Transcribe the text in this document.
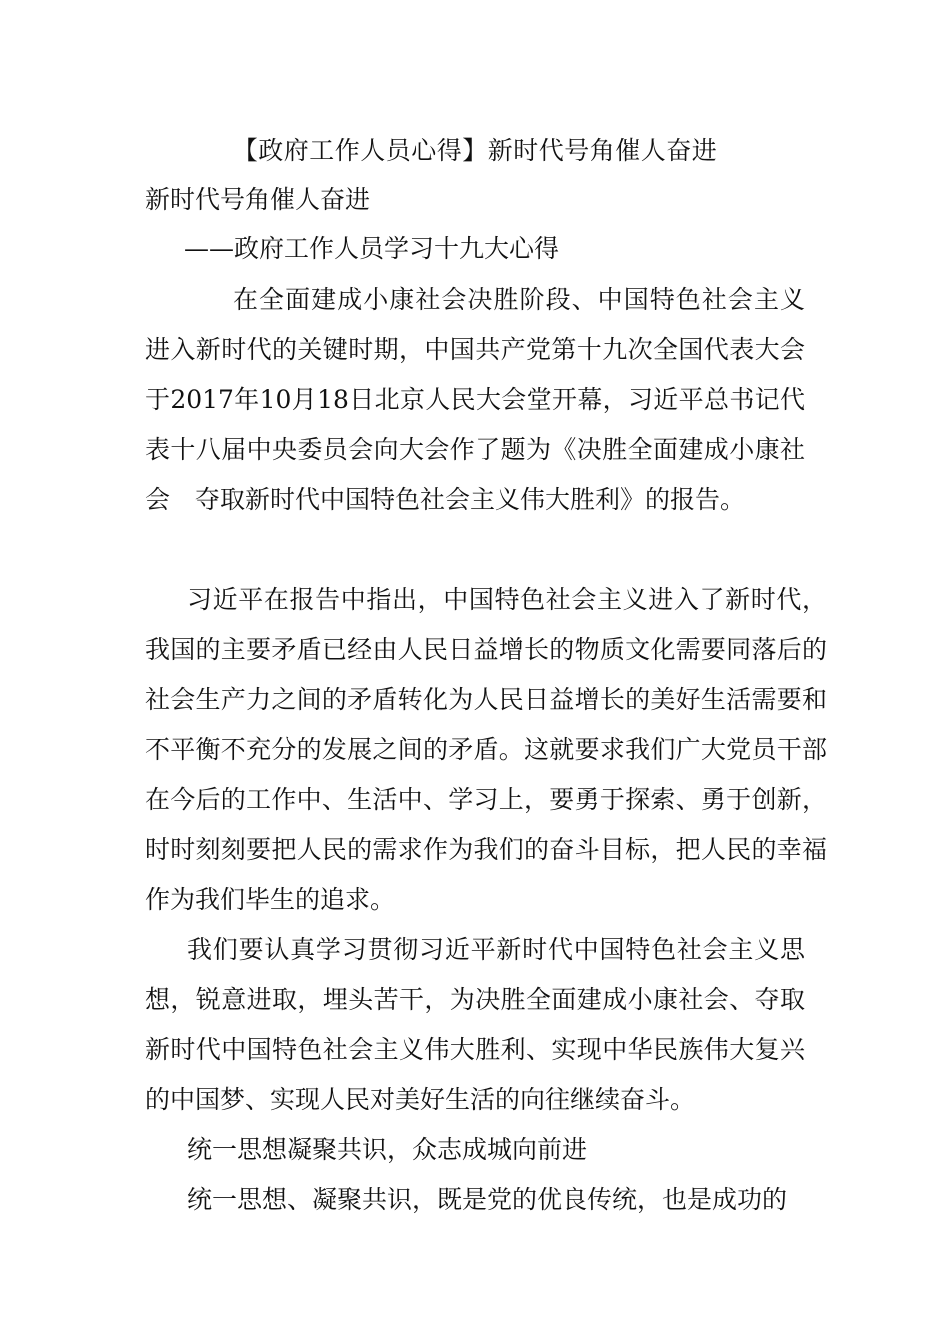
【政府工作人员心得】新时代号角催人奋进
新时代号角催人奋进
——政府工作人员学习十九大心得

在全面建成小康社会决胜阶段、中国特色社会主义进入新时代的关键时期，中国共产党第十九次全国代表大会于2017年10月18日北京人民大会堂开幕，习近平总书记代表十八届中央委员会向大会作了题为《决胜全面建成小康社会　夺取新时代中国特色社会主义伟大胜利》的报告。

习近平在报告中指出，中国特色社会主义进入了新时代，我国的主要矛盾已经由人民日益增长的物质文化需要同落后的社会生产力之间的矛盾转化为人民日益增长的美好生活需要和不平衡不充分的发展之间的矛盾。这就要求我们广大党员干部在今后的工作中、生活中、学习上，要勇于探索、勇于创新，时时刻刻要把人民的需求作为我们的奋斗目标，把人民的幸福作为我们毕生的追求。

我们要认真学习贯彻习近平新时代中国特色社会主义思想，锐意进取，埋头苦干，为决胜全面建成小康社会、夺取新时代中国特色社会主义伟大胜利、实现中华民族伟大复兴的中国梦、实现人民对美好生活的向往继续奋斗。

统一思想凝聚共识，众志成城向前进

统一思想、凝聚共识，既是党的优良传统，也是成功的
